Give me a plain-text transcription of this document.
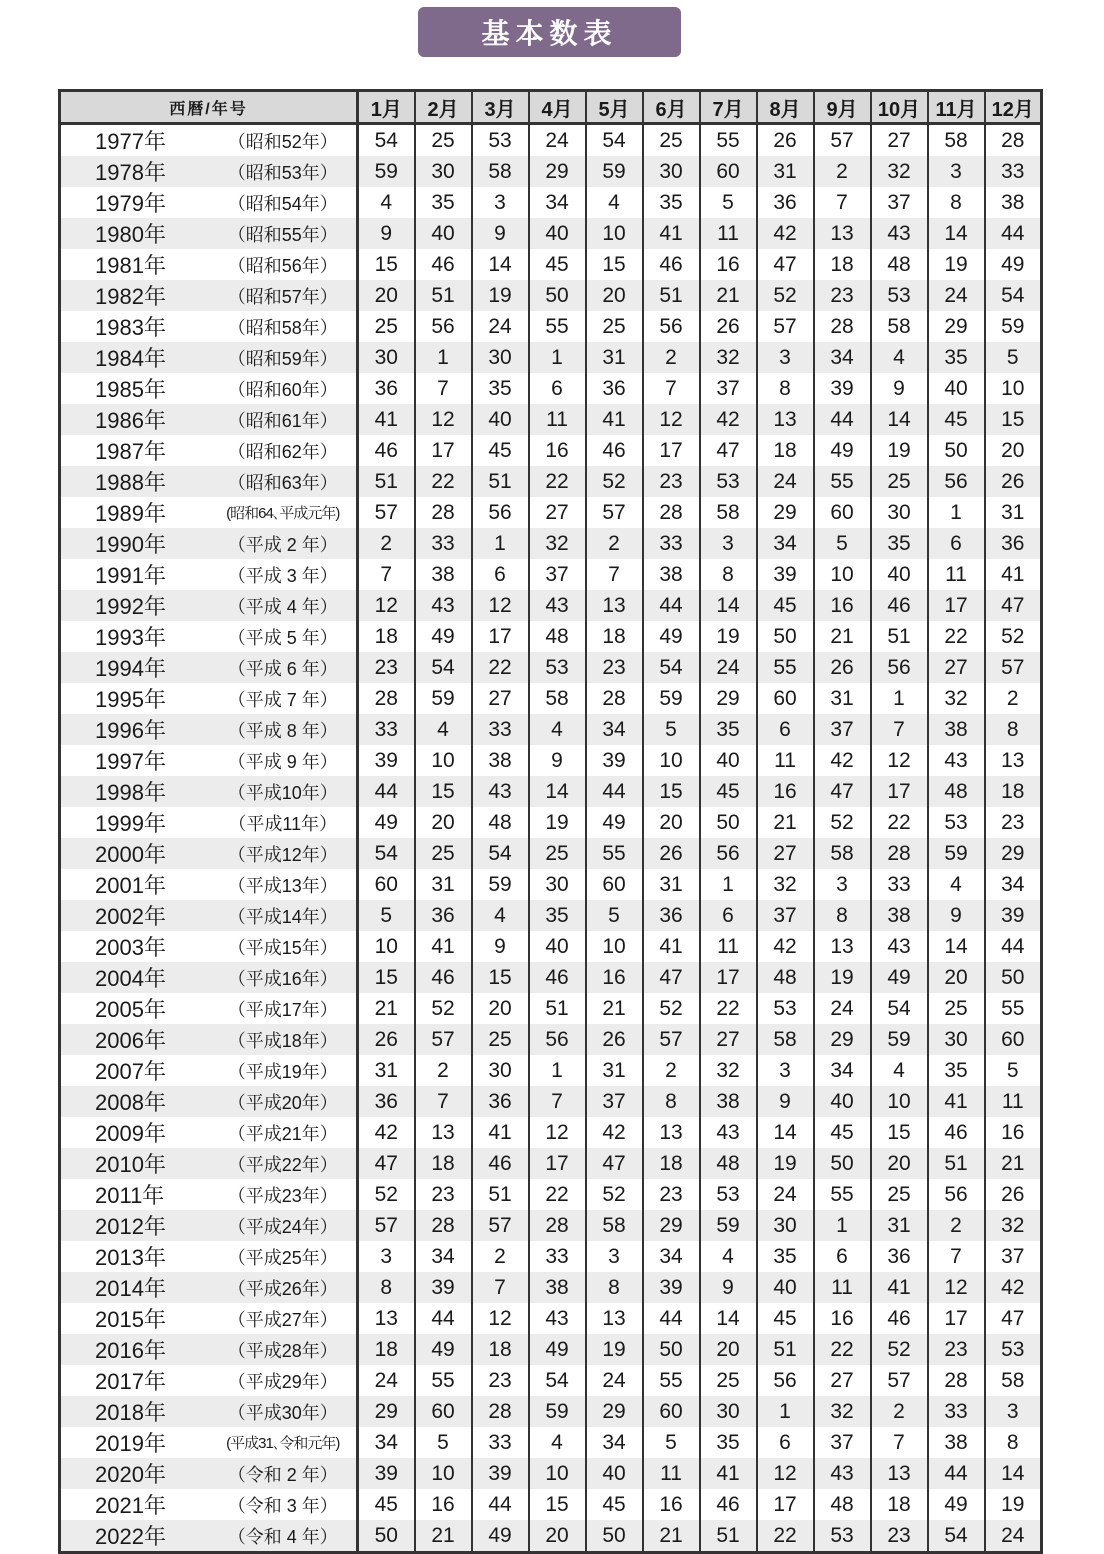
基本数表
西暦/年号		1月	2月	3月	4月	5月	6月	7月	8月	9月	10月	11月	12月
1977年	（昭和52年）	54	25	53	24	54	25	55	26	57	27	58	28
1978年	（昭和53年）	59	30	58	29	59	30	60	31	2	32	3	33
1979年	（昭和54年）	4	35	3	34	4	35	5	36	7	37	8	38
1980年	（昭和55年）	9	40	9	40	10	41	11	42	13	43	14	44
1981年	（昭和56年）	15	46	14	45	15	46	16	47	18	48	19	49
1982年	（昭和57年）	20	51	19	50	20	51	21	52	23	53	24	54
1983年	（昭和58年）	25	56	24	55	25	56	26	57	28	58	29	59
1984年	（昭和59年）	30	1	30	1	31	2	32	3	34	4	35	5
1985年	（昭和60年）	36	7	35	6	36	7	37	8	39	9	40	10
1986年	（昭和61年）	41	12	40	11	41	12	42	13	44	14	45	15
1987年	（昭和62年）	46	17	45	16	46	17	47	18	49	19	50	20
1988年	（昭和63年）	51	22	51	22	52	23	53	24	55	25	56	26
1989年	(昭和64､平成元年)	57	28	56	27	57	28	58	29	60	30	1	31
1990年	（平成 2 年）	2	33	1	32	2	33	3	34	5	35	6	36
1991年	（平成 3 年）	7	38	6	37	7	38	8	39	10	40	11	41
1992年	（平成 4 年）	12	43	12	43	13	44	14	45	16	46	17	47
1993年	（平成 5 年）	18	49	17	48	18	49	19	50	21	51	22	52
1994年	（平成 6 年）	23	54	22	53	23	54	24	55	26	56	27	57
1995年	（平成 7 年）	28	59	27	58	28	59	29	60	31	1	32	2
1996年	（平成 8 年）	33	4	33	4	34	5	35	6	37	7	38	8
1997年	（平成 9 年）	39	10	38	9	39	10	40	11	42	12	43	13
1998年	（平成10年）	44	15	43	14	44	15	45	16	47	17	48	18
1999年	（平成11年）	49	20	48	19	49	20	50	21	52	22	53	23
2000年	（平成12年）	54	25	54	25	55	26	56	27	58	28	59	29
2001年	（平成13年）	60	31	59	30	60	31	1	32	3	33	4	34
2002年	（平成14年）	5	36	4	35	5	36	6	37	8	38	9	39
2003年	（平成15年）	10	41	9	40	10	41	11	42	13	43	14	44
2004年	（平成16年）	15	46	15	46	16	47	17	48	19	49	20	50
2005年	（平成17年）	21	52	20	51	21	52	22	53	24	54	25	55
2006年	（平成18年）	26	57	25	56	26	57	27	58	29	59	30	60
2007年	（平成19年）	31	2	30	1	31	2	32	3	34	4	35	5
2008年	（平成20年）	36	7	36	7	37	8	38	9	40	10	41	11
2009年	（平成21年）	42	13	41	12	42	13	43	14	45	15	46	16
2010年	（平成22年）	47	18	46	17	47	18	48	19	50	20	51	21
2011年	（平成23年）	52	23	51	22	52	23	53	24	55	25	56	26
2012年	（平成24年）	57	28	57	28	58	29	59	30	1	31	2	32
2013年	（平成25年）	3	34	2	33	3	34	4	35	6	36	7	37
2014年	（平成26年）	8	39	7	38	8	39	9	40	11	41	12	42
2015年	（平成27年）	13	44	12	43	13	44	14	45	16	46	17	47
2016年	（平成28年）	18	49	18	49	19	50	20	51	22	52	23	53
2017年	（平成29年）	24	55	23	54	24	55	25	56	27	57	28	58
2018年	（平成30年）	29	60	28	59	29	60	30	1	32	2	33	3
2019年	(平成31､令和元年)	34	5	33	4	34	5	35	6	37	7	38	8
2020年	（令和 2 年）	39	10	39	10	40	11	41	12	43	13	44	14
2021年	（令和 3 年）	45	16	44	15	45	16	46	17	48	18	49	19
2022年	（令和 4 年）	50	21	49	20	50	21	51	22	53	23	54	24
